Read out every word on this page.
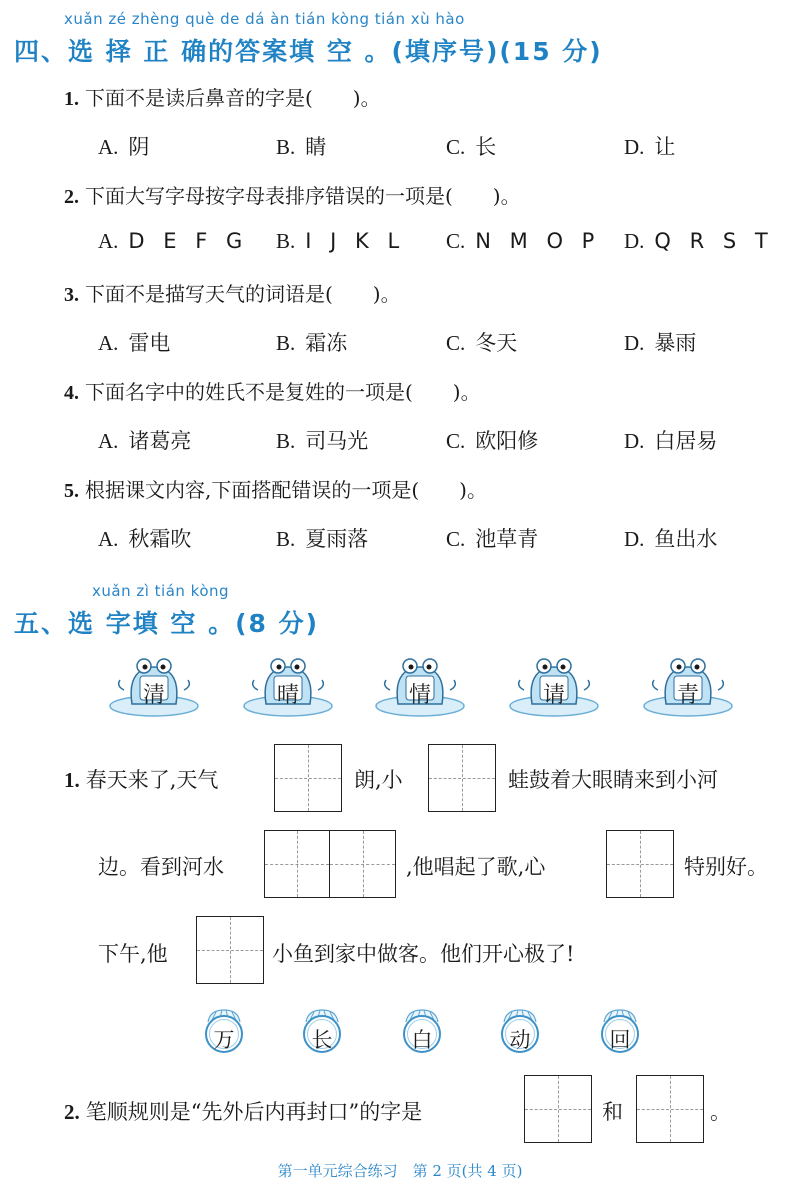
xuǎn zé zhèng què de dá àn tián kòng tián xù hào
四、选 择 正 确的答案填 空 。(填序号)(15 分)
1. 下面不是读后鼻音的字是(　　)。
A. 阴	B. 睛	C. 长	D. 让
2. 下面大写字母按字母表排序错误的一项是(　　)。
A. D E F G B. I J K L C. N M O P D. Q R S T
3. 下面不是描写天气的词语是(　　)。
A. 雷电	B. 霜冻	C. 冬天	D. 暴雨
4. 下面名字中的姓氏不是复姓的一项是(　　)。
A. 诸葛亮	B. 司马光	C. 欧阳修	D. 白居易
5. 根据课文内容,下面搭配错误的一项是(　　)。
A. 秋霜吹	B. 夏雨落	C. 池草青	D. 鱼出水
xuǎn zì tián kòng
五、选 字填 空 。(8 分)
清	晴	情	请	青
1. 春天来了,天气	朗,小	蛙鼓着大眼睛来到小河
边。看到河水	,他唱起了歌,心	特别好。
下午,他	小鱼到家中做客。他们开心极了!
万	长	白	动	回
2. 笔顺规则是“先外后内再封口”的字是	和	。
第一单元综合练习　第 2 页(共 4 页)
